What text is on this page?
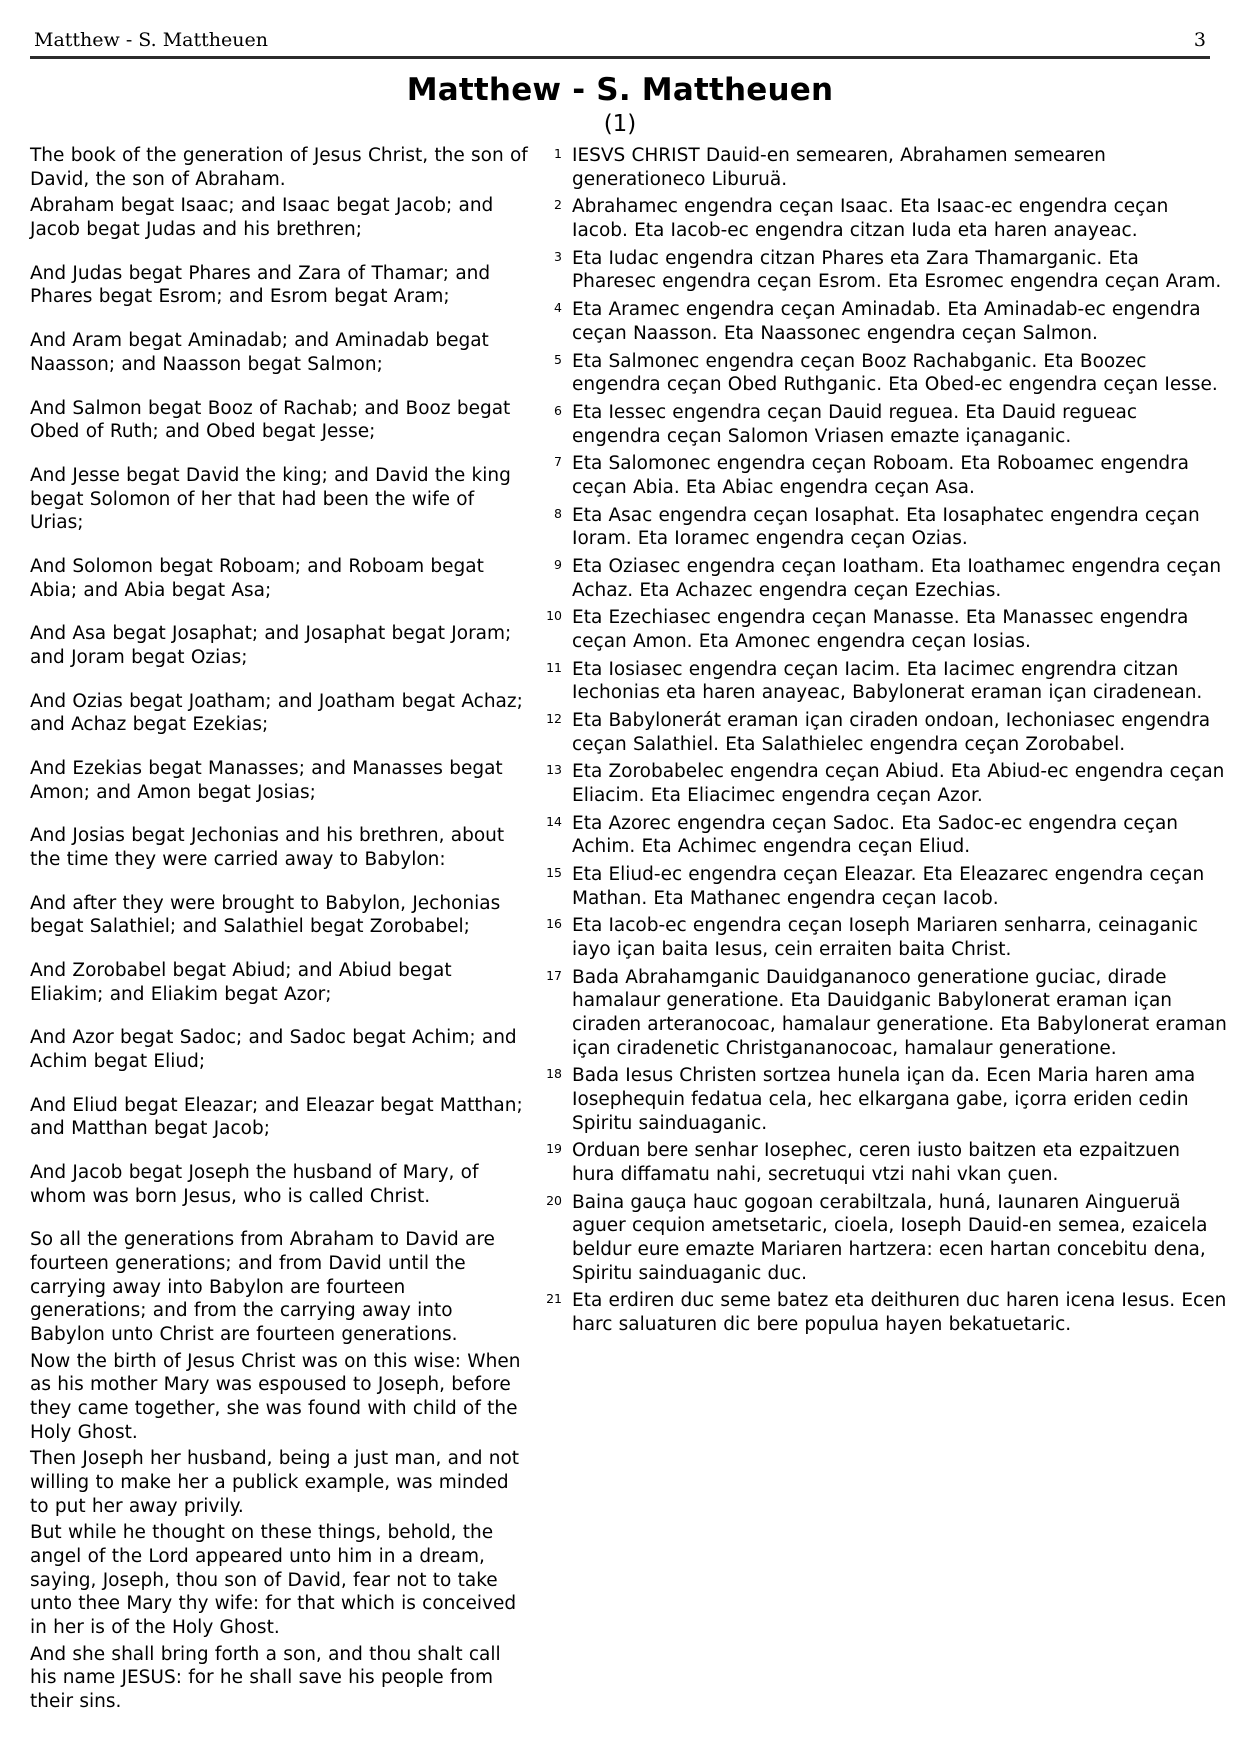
Matthew - S. Mattheuen	3
Matthew - S. Mattheuen
(1)

The book of the generation of Jesus Christ, the son of David, the son of Abraham.

Abraham begat Isaac; and Isaac begat Jacob; and Jacob begat Judas and his brethren;

And Judas begat Phares and Zara of Thamar; and Phares begat Esrom; and Esrom begat Aram;

And Aram begat Aminadab; and Aminadab begat Naasson; and Naasson begat Salmon;

And Salmon begat Booz of Rachab; and Booz begat Obed of Ruth; and Obed begat Jesse;

And Jesse begat David the king; and David the king begat Solomon of her that had been the wife of Urias;

And Solomon begat Roboam; and Roboam begat Abia; and Abia begat Asa;

And Asa begat Josaphat; and Josaphat begat Joram; and Joram begat Ozias;

And Ozias begat Joatham; and Joatham begat Achaz; and Achaz begat Ezekias;

And Ezekias begat Manasses; and Manasses begat Amon; and Amon begat Josias;

And Josias begat Jechonias and his brethren, about the time they were carried away to Babylon:

And after they were brought to Babylon, Jechonias begat Salathiel; and Salathiel begat Zorobabel;

And Zorobabel begat Abiud; and Abiud begat Eliakim; and Eliakim begat Azor;

And Azor begat Sadoc; and Sadoc begat Achim; and Achim begat Eliud;

And Eliud begat Eleazar; and Eleazar begat Matthan; and Matthan begat Jacob;

And Jacob begat Joseph the husband of Mary, of whom was born Jesus, who is called Christ.

So all the generations from Abraham to David are fourteen generations; and from David until the carrying away into Babylon are fourteen generations; and from the carrying away into Babylon unto Christ are fourteen generations.

Now the birth of Jesus Christ was on this wise: When as his mother Mary was espoused to Joseph, before they came together, she was found with child of the Holy Ghost.

Then Joseph her husband, being a just man, and not willing to make her a publick example, was minded to put her away privily.

But while he thought on these things, behold, the angel of the Lord appeared unto him in a dream, saying, Joseph, thou son of David, fear not to take unto thee Mary thy wife: for that which is conceived in her is of the Holy Ghost.

And she shall bring forth a son, and thou shalt call his name JESUS: for he shall save his people from their sins.

1 IESVS CHRIST Dauid-en semearen, Abrahamen semearen generationeco Liburuä.
2 Abrahamec engendra ceçan Isaac. Eta Isaac-ec engendra ceçan Iacob. Eta Iacob-ec engendra citzan Iuda eta haren anayeac.
3 Eta Iudac engendra citzan Phares eta Zara Thamarganic. Eta Pharesec engendra ceçan Esrom. Eta Esromec engendra ceçan Aram.
4 Eta Aramec engendra ceçan Aminadab. Eta Aminadab-ec engendra ceçan Naasson. Eta Naassonec engendra ceçan Salmon.
5 Eta Salmonec engendra ceçan Booz Rachabganic. Eta Boozec engendra ceçan Obed Ruthganic. Eta Obed-ec engendra ceçan Iesse.
6 Eta Iessec engendra ceçan Dauid reguea. Eta Dauid regueac engendra ceçan Salomon Vriasen emazte içanaganic.
7 Eta Salomonec engendra ceçan Roboam. Eta Roboamec engendra ceçan Abia. Eta Abiac engendra ceçan Asa.
8 Eta Asac engendra ceçan Iosaphat. Eta Iosaphatec engendra ceçan Ioram. Eta Ioramec engendra ceçan Ozias.
9 Eta Oziasec engendra ceçan Ioatham. Eta Ioathamec engendra ceçan Achaz. Eta Achazec engendra ceçan Ezechias.
10 Eta Ezechiasec engendra ceçan Manasse. Eta Manassec engendra ceçan Amon. Eta Amonec engendra ceçan Iosias.
11 Eta Iosiasec engendra ceçan Iacim. Eta Iacimec engrendra citzan Iechonias eta haren anayeac, Babylonerat eraman içan ciradenean.
12 Eta Babylonerát eraman içan ciraden ondoan, Iechoniasec engendra ceçan Salathiel. Eta Salathielec engendra ceçan Zorobabel.
13 Eta Zorobabelec engendra ceçan Abiud. Eta Abiud-ec engendra ceçan Eliacim. Eta Eliacimec engendra ceçan Azor.
14 Eta Azorec engendra ceçan Sadoc. Eta Sadoc-ec engendra ceçan Achim. Eta Achimec engendra ceçan Eliud.
15 Eta Eliud-ec engendra ceçan Eleazar. Eta Eleazarec engendra ceçan Mathan. Eta Mathanec engendra ceçan Iacob.
16 Eta Iacob-ec engendra ceçan Ioseph Mariaren senharra, ceinaganic iayo içan baita Iesus, cein erraiten baita Christ.
17 Bada Abrahamganic Dauidgananoco generatione guciac, dirade hamalaur generatione. Eta Dauidganic Babylonerat eraman içan ciraden arteranocoac, hamalaur generatione. Eta Babylonerat eraman içan ciradenetic Christgananocoac, hamalaur generatione.
18 Bada Iesus Christen sortzea hunela içan da. Ecen Maria haren ama Iosephequin fedatua cela, hec elkargana gabe, içorra eriden cedin Spiritu sainduaganic.
19 Orduan bere senhar Iosephec, ceren iusto baitzen eta ezpaitzuen hura diffamatu nahi, secretuqui vtzi nahi vkan çuen.
20 Baina gauça hauc gogoan cerabiltzala, huná, Iaunaren Aingueruä aguer cequion ametsetaric, cioela, Ioseph Dauid-en semea, ezaicela beldur eure emazte Mariaren hartzera: ecen hartan concebitu dena, Spiritu sainduaganic duc.
21 Eta erdiren duc seme batez eta deithuren duc haren icena Iesus. Ecen harc saluaturen dic bere populua hayen bekatuetaric.
